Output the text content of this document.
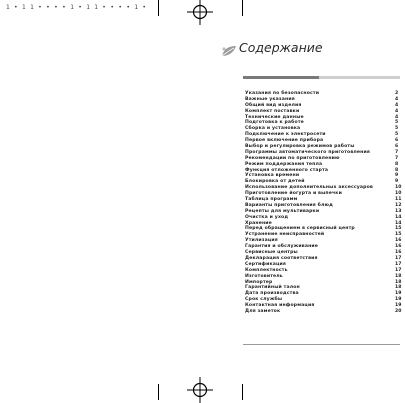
1 • 1 1 • • • • 1 • 1 1 • • • • 1 •
Содержание
Указания по безопасности	2
Важные указания	4
Общий вид изделия	4
Комплект поставки	4
Технические данные	4
Подготовка к работе	5
Сборка и установка	5
Подключение к электросети	5
Первое включение прибора	6
Выбор и регулировка режимов работы	6
Программы автоматического приготовления	7
Рекомендации по приготовлению	7
Режим поддержания тепла	8
Функция отложенного старта	8
Установка времени	9
Блокировка от детей	9
Использование дополнительных аксессуаров	10
Приготовление йогурта и выпечки	10
Таблица программ	11
Варианты приготовления блюд	12
Рецепты для мультиварки	13
Очистка и уход	14
Хранение	14
Перед обращением в сервисный центр	15
Устранение неисправностей	15
Утилизация	16
Гарантия и обслуживание	16
Сервисные центры	16
Декларация соответствия	17
Сертификация	17
Комплектность	17
Изготовитель	18
Импортер	18
Гарантийный талон	18
Дата производства	19
Срок службы	19
Контактная информация	19
Для заметок	20
